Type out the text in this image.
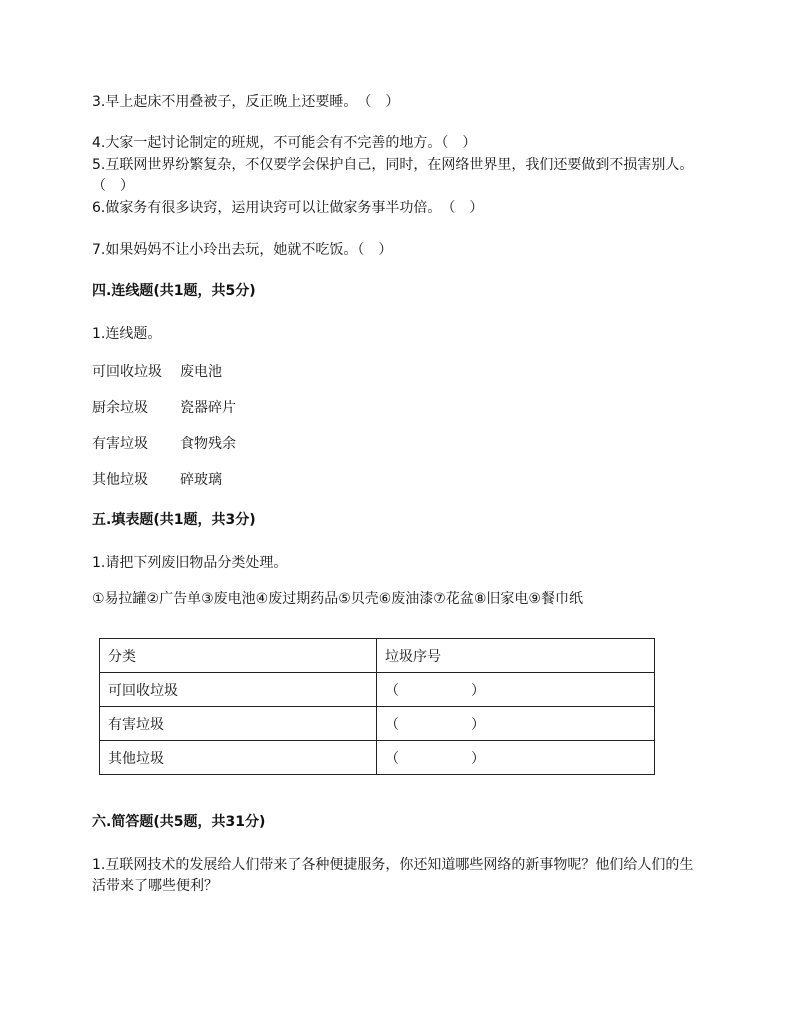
3.早上起床不用叠被子，反正晚上还要睡。　（　）
4.大家一起讨论制定的班规，不可能会有不完善的地方。（　）
5.互联网世界纷繁复杂，不仅要学会保护自己，同时，在网络世界里，我们还要做到不损害别人。（　）
6.做家务有很多诀窍，运用诀窍可以让做家务事半功倍。　（　）
7.如果妈妈不让小玲出去玩，她就不吃饭。（　）
四.连线题(共1题，共5分)
1.连线题。
可回收垃圾 废电池
厨余垃圾 瓷器碎片
有害垃圾 食物残余
其他垃圾 碎玻璃
五.填表题(共1题，共3分)
1.请把下列废旧物品分类处理。
①易拉罐②广告单③废电池④废过期药品⑤贝壳⑥废油漆⑦花盆⑧旧家电⑨餐巾纸
分类	垃圾序号
可回收垃圾	（ ）

有害垃圾	（ ）

其他垃圾	（ ）
六.简答题(共5题，共31分)
1.互联网技术的发展给人们带来了各种便捷服务，你还知道哪些网络的新事物呢？他们给人们的生活带来了哪些便利？
